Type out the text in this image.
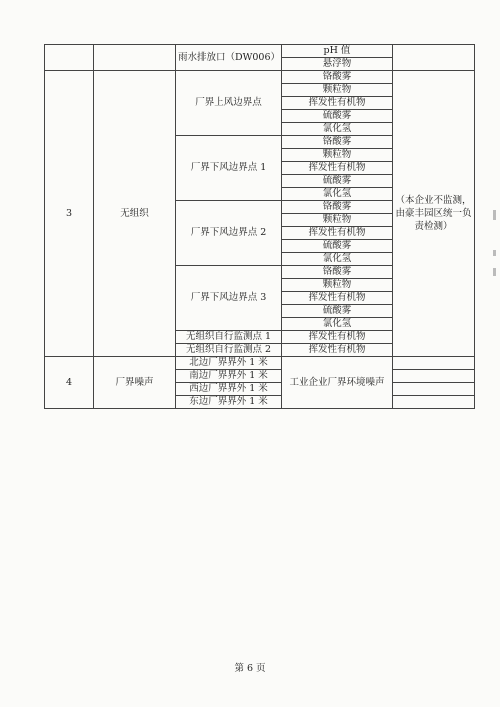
		雨水排放口（DW006）	pH 值	
			悬浮物	
3	无组织	厂界上风边界点	铬酸雾	（本企业不监测，由豪丰园区统一负责检测）
			颗粒物	
			挥发性有机物	
			硫酸雾	
			氯化氢	
		厂界下风边界点 1	铬酸雾	
			颗粒物	
			挥发性有机物	
			硫酸雾	
			氯化氢	
		厂界下风边界点 2	铬酸雾	
			颗粒物	
			挥发性有机物	
			硫酸雾	
			氯化氢	
		厂界下风边界点 3	铬酸雾	
			颗粒物	
			挥发性有机物	
			硫酸雾	
			氯化氢	
		无组织自行监测点 1	挥发性有机物	
		无组织自行监测点 2	挥发性有机物	
4	厂界噪声	北边厂界界外 1 米	工业企业厂界环境噪声	
		南边厂界界外 1 米		
		西边厂界界外 1 米		
		东边厂界界外 1 米		
第 6 页
